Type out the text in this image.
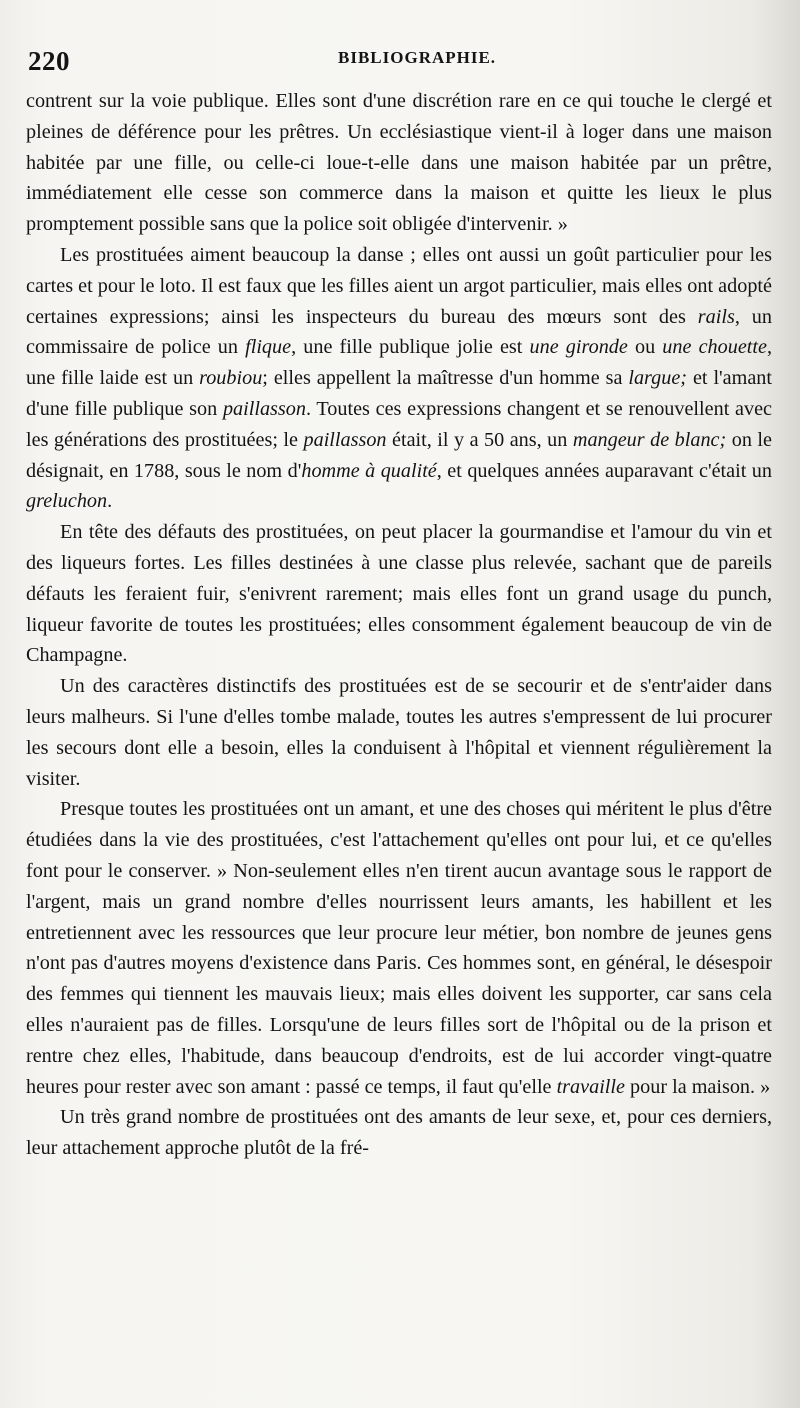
220	BIBLIOGRAPHIE.

contrent sur la voie publique. Elles sont d'une discrétion rare en ce qui touche le clergé et pleines de déférence pour les prêtres. Un ecclésiastique vient-il à loger dans une maison habitée par une fille, ou celle-ci loue-t-elle dans une maison habitée par un prêtre, immédiatement elle cesse son commerce dans la maison et quitte les lieux le plus promptement possible sans que la police soit obligée d'intervenir. »

Les prostituées aiment beaucoup la danse ; elles ont aussi un goût particulier pour les cartes et pour le loto. Il est faux que les filles aient un argot particulier, mais elles ont adopté certaines expressions; ainsi les inspecteurs du bureau des mœurs sont des rails, un commissaire de police un flique, une fille publique jolie est une gironde ou une chouette, une fille laide est un roubiou; elles appellent la maîtresse d'un homme sa largue; et l'amant d'une fille publique son paillasson. Toutes ces expressions changent et se renouvellent avec les générations des prostituées; le paillasson était, il y a 50 ans, un mangeur de blanc; on le désignait, en 1788, sous le nom d'homme à qualité, et quelques années auparavant c'était un greluchon.

En tête des défauts des prostituées, on peut placer la gourmandise et l'amour du vin et des liqueurs fortes. Les filles destinées à une classe plus relevée, sachant que de pareils défauts les feraient fuir, s'enivrent rarement; mais elles font un grand usage du punch, liqueur favorite de toutes les prostituées; elles consomment également beaucoup de vin de Champagne.

Un des caractères distinctifs des prostituées est de se secourir et de s'entr'aider dans leurs malheurs. Si l'une d'elles tombe malade, toutes les autres s'empressent de lui procurer les secours dont elle a besoin, elles la conduisent à l'hôpital et viennent régulièrement la visiter.

Presque toutes les prostituées ont un amant, et une des choses qui méritent le plus d'être étudiées dans la vie des prostituées, c'est l'attachement qu'elles ont pour lui, et ce qu'elles font pour le conserver. » Non-seulement elles n'en tirent aucun avantage sous le rapport de l'argent, mais un grand nombre d'elles nourrissent leurs amants, les habillent et les entretiennent avec les ressources que leur procure leur métier, bon nombre de jeunes gens n'ont pas d'autres moyens d'existence dans Paris. Ces hommes sont, en général, le désespoir des femmes qui tiennent les mauvais lieux; mais elles doivent les supporter, car sans cela elles n'auraient pas de filles. Lorsqu'une de leurs filles sort de l'hôpital ou de la prison et rentre chez elles, l'habitude, dans beaucoup d'endroits, est de lui accorder vingt-quatre heures pour rester avec son amant : passé ce temps, il faut qu'elle travaille pour la maison. »

Un très grand nombre de prostituées ont des amants de leur sexe, et, pour ces derniers, leur attachement approche plutôt de la fré-
